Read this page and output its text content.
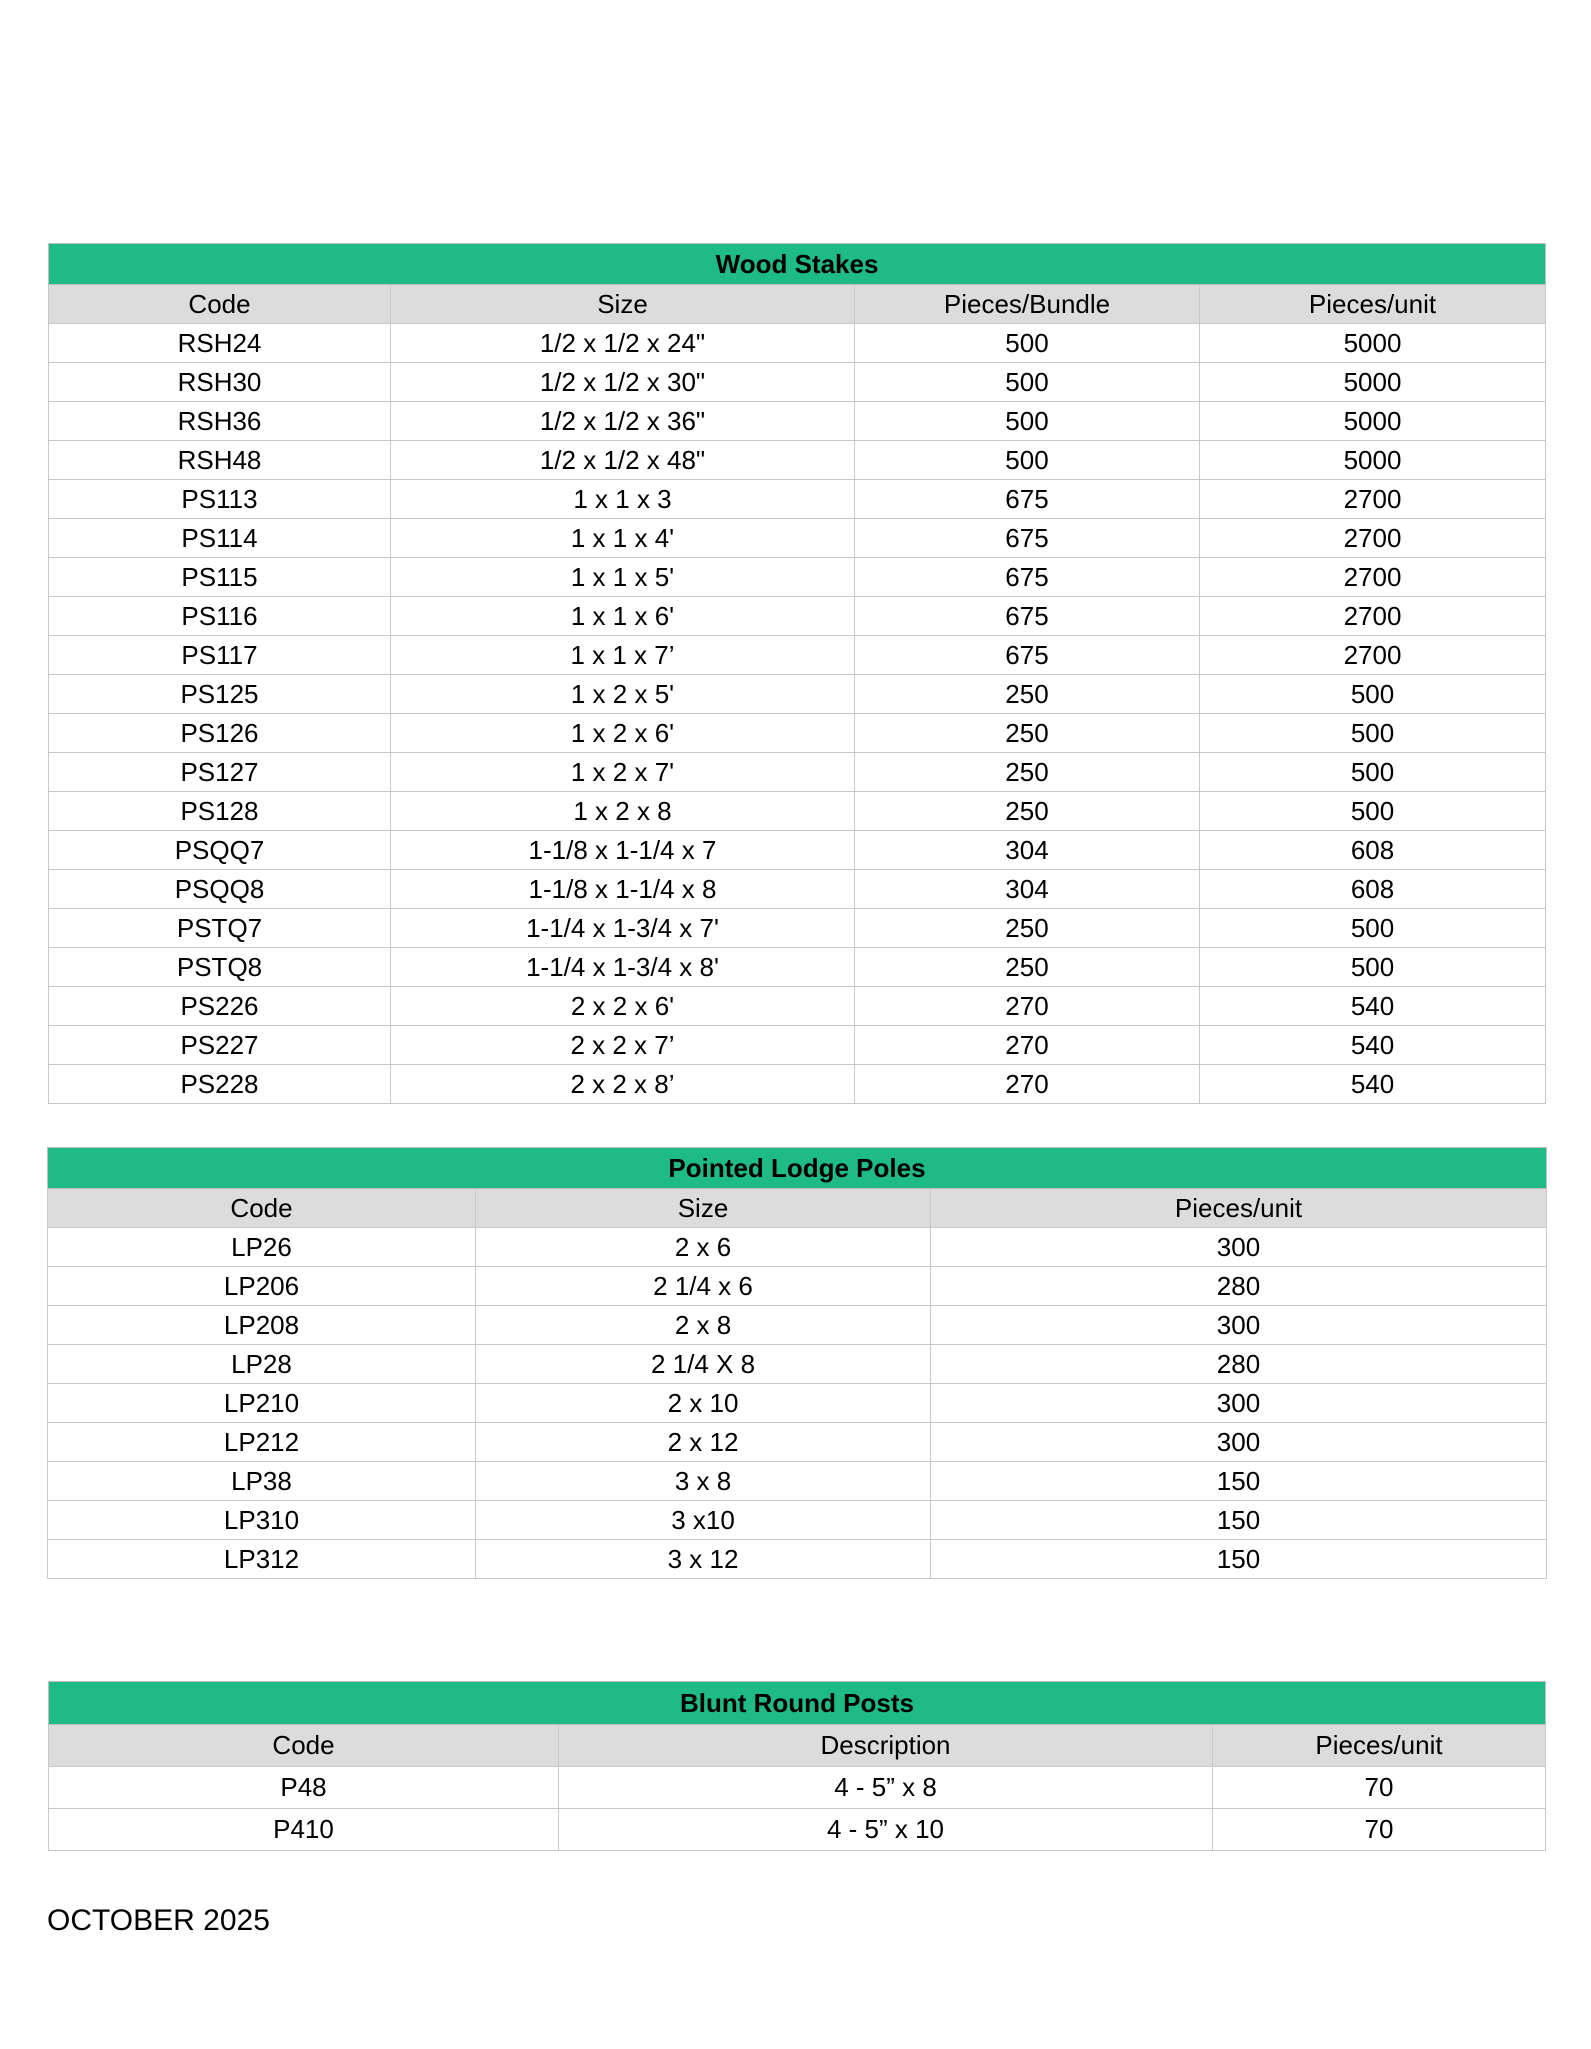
Wood Stakes			
Code	Size	Pieces/Bundle	Pieces/unit
RSH24	1/2 x 1/2 x 24"	500	5000
RSH30	1/2 x 1/2 x 30"	500	5000
RSH36	1/2 x 1/2 x 36"	500	5000
RSH48	1/2 x 1/2 x 48"	500	5000
PS113	1 x 1 x 3	675	2700
PS114	1 x 1 x 4'	675	2700
PS115	1 x 1 x 5'	675	2700
PS116	1 x 1 x 6'	675	2700
PS117	1 x 1 x 7’	675	2700
PS125	1 x 2 x 5'	250	500
PS126	1 x 2 x 6'	250	500
PS127	1 x 2 x 7'	250	500
PS128	1 x 2 x 8	250	500
PSQQ7	1-1/8 x 1-1/4 x 7	304	608
PSQQ8	1-1/8 x 1-1/4 x 8	304	608
PSTQ7	1-1/4 x 1-3/4 x 7'	250	500
PSTQ8	1-1/4 x 1-3/4 x 8'	250	500
PS226	2 x 2 x 6'	270	540
PS227	2 x 2 x 7’	270	540
PS228	2 x 2 x 8’	270	540
Pointed Lodge Poles		
Code	Size	Pieces/unit
LP26	2 x 6	300
LP206	2 1/4 x 6	280
LP208	2 x 8	300
LP28	2 1/4 X 8	280
LP210	2 x 10	300
LP212	2 x 12	300
LP38	3 x 8	150
LP310	3 x10	150
LP312	3 x 12	150
Blunt Round Posts		
Code	Description	Pieces/unit
P48	4 - 5” x 8	70
P410	4 - 5” x 10	70
OCTOBER 2025
